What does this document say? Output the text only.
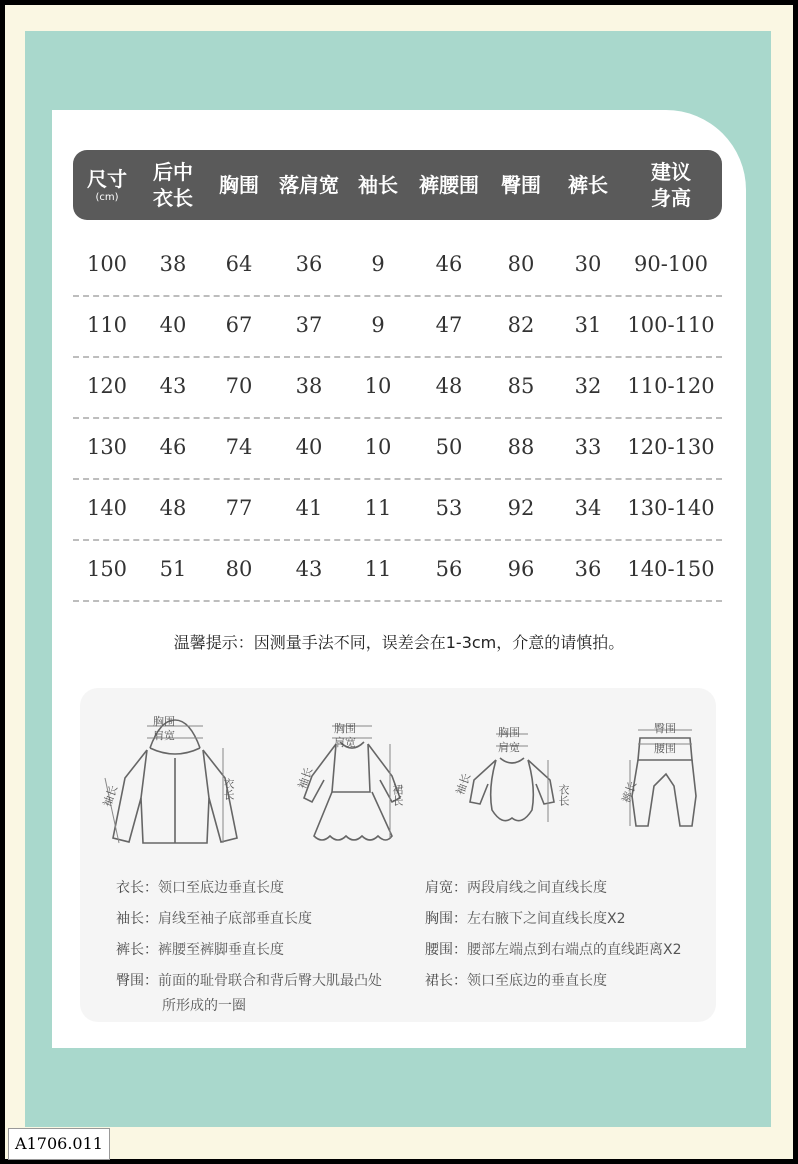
尺寸
(cm)
后中
衣长
胸围 落肩宽 袖长 裤腰围 臀围 裤长
建议
身高
100 38 64 36 9 46 80 30 90-100
110 40 67 37 9 47 82 31 100-110
120 43 70 38 10 48 85 32 110-120
130 46 74 40 10 50 88 33 120-130
140 48 77 41 11 53 92 34 130-140
150 51 80 43 11 56 96 36 140-150
温馨提示：因测量手法不同，误差会在1-3cm，介意的请慎拍。
胸围
肩宽
衣长
袖长
胸围
肩宽
裙长
袖长
胸围
肩宽
衣长
袖长
臀围
腰围
裤长
衣长：领口至底边垂直长度
袖长：肩线至袖子底部垂直长度
裤长：裤腰至裤脚垂直长度
臀围：前面的耻骨联合和背后臀大肌最凸处
肩宽：两段肩线之间直线长度
胸围：左右腋下之间直线长度X2
腰围：腰部左端点到右端点的直线距离X2
裙长：领口至底边的垂直长度
所形成的一圈
A1706.011
